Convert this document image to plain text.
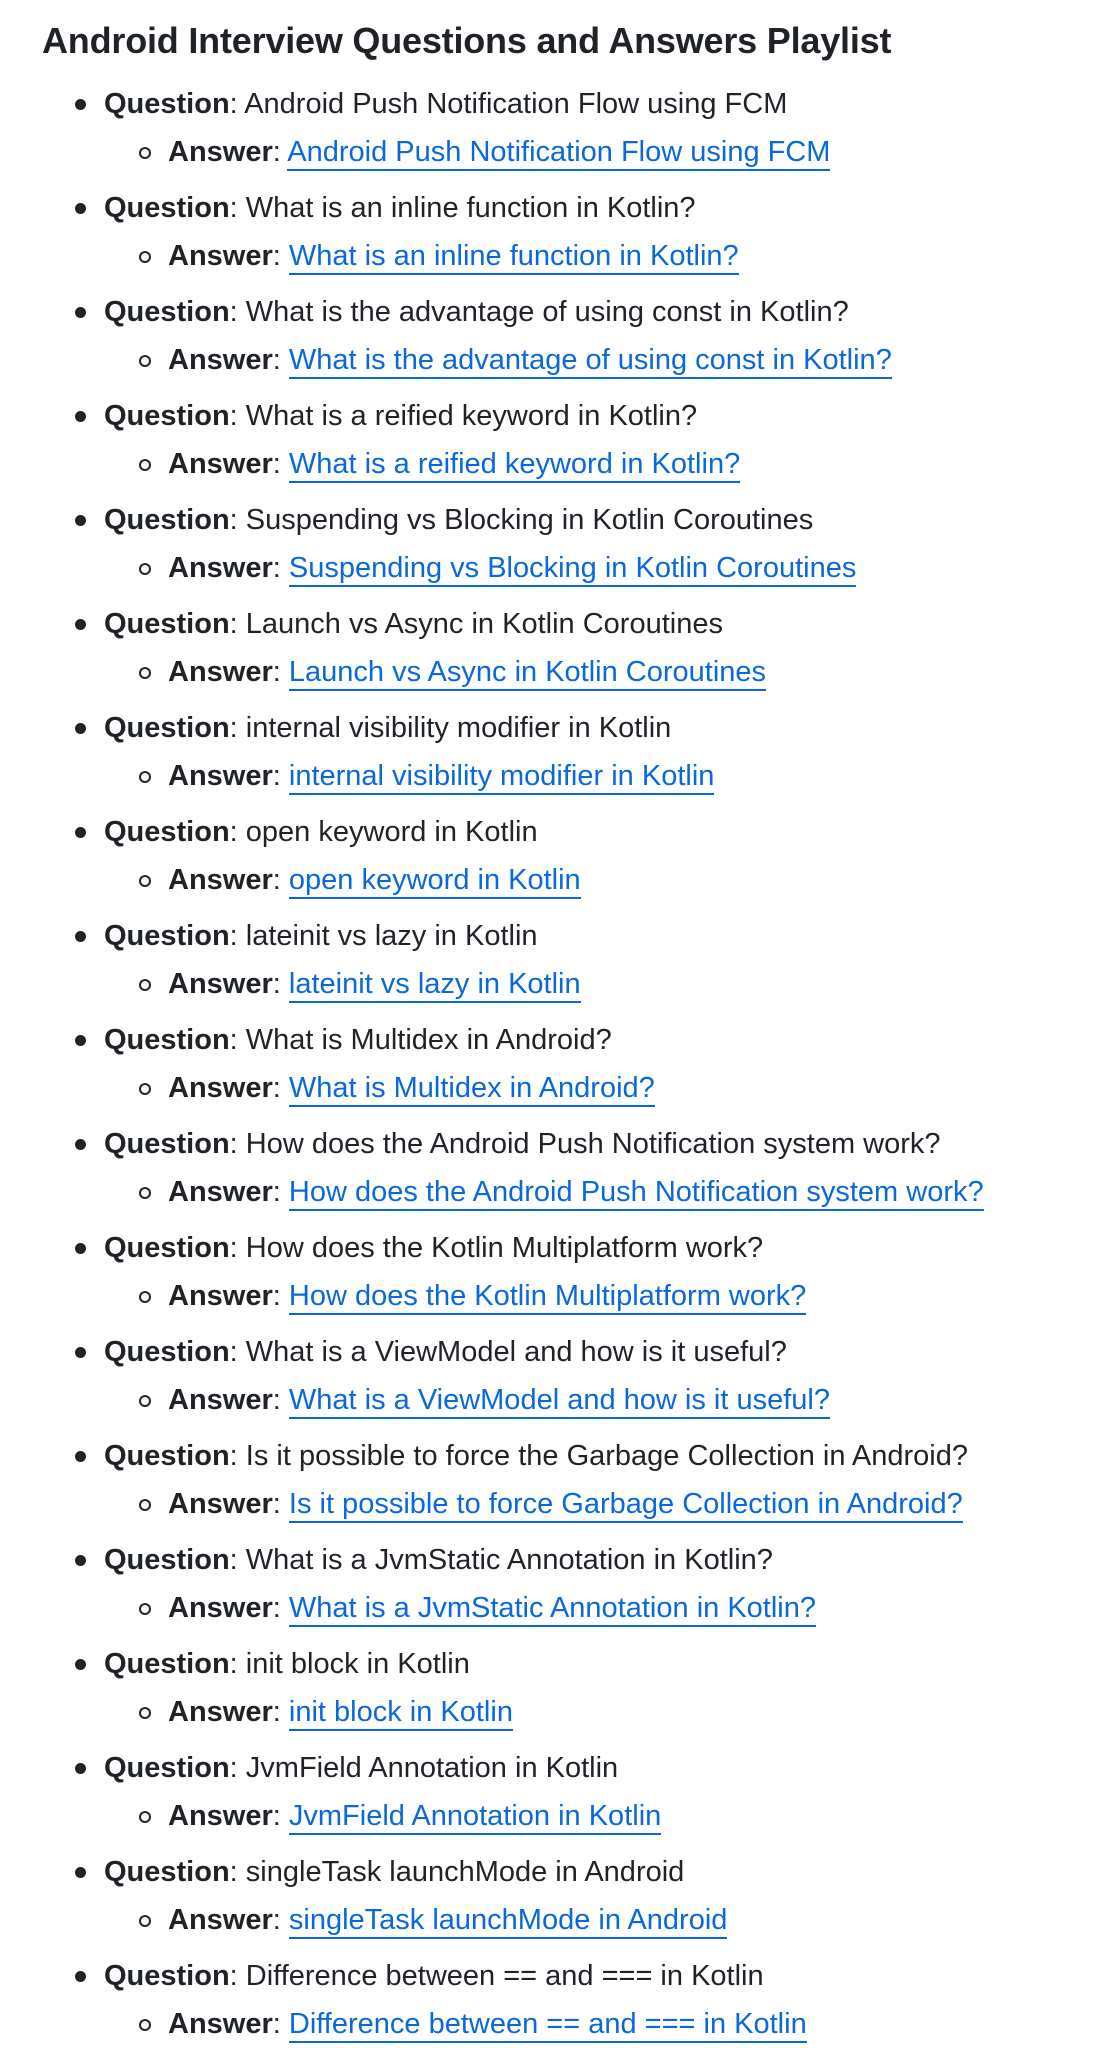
Android Interview Questions and Answers Playlist
Question: Android Push Notification Flow using FCM
Answer: Android Push Notification Flow using FCM
Question: What is an inline function in Kotlin?
Answer: What is an inline function in Kotlin?
Question: What is the advantage of using const in Kotlin?
Answer: What is the advantage of using const in Kotlin?
Question: What is a reified keyword in Kotlin?
Answer: What is a reified keyword in Kotlin?
Question: Suspending vs Blocking in Kotlin Coroutines
Answer: Suspending vs Blocking in Kotlin Coroutines
Question: Launch vs Async in Kotlin Coroutines
Answer: Launch vs Async in Kotlin Coroutines
Question: internal visibility modifier in Kotlin
Answer: internal visibility modifier in Kotlin
Question: open keyword in Kotlin
Answer: open keyword in Kotlin
Question: lateinit vs lazy in Kotlin
Answer: lateinit vs lazy in Kotlin
Question: What is Multidex in Android?
Answer: What is Multidex in Android?
Question: How does the Android Push Notification system work?
Answer: How does the Android Push Notification system work?
Question: How does the Kotlin Multiplatform work?
Answer: How does the Kotlin Multiplatform work?
Question: What is a ViewModel and how is it useful?
Answer: What is a ViewModel and how is it useful?
Question: Is it possible to force the Garbage Collection in Android?
Answer: Is it possible to force Garbage Collection in Android?
Question: What is a JvmStatic Annotation in Kotlin?
Answer: What is a JvmStatic Annotation in Kotlin?
Question: init block in Kotlin
Answer: init block in Kotlin
Question: JvmField Annotation in Kotlin
Answer: JvmField Annotation in Kotlin
Question: singleTask launchMode in Android
Answer: singleTask launchMode in Android
Question: Difference between == and === in Kotlin
Answer: Difference between == and === in Kotlin
